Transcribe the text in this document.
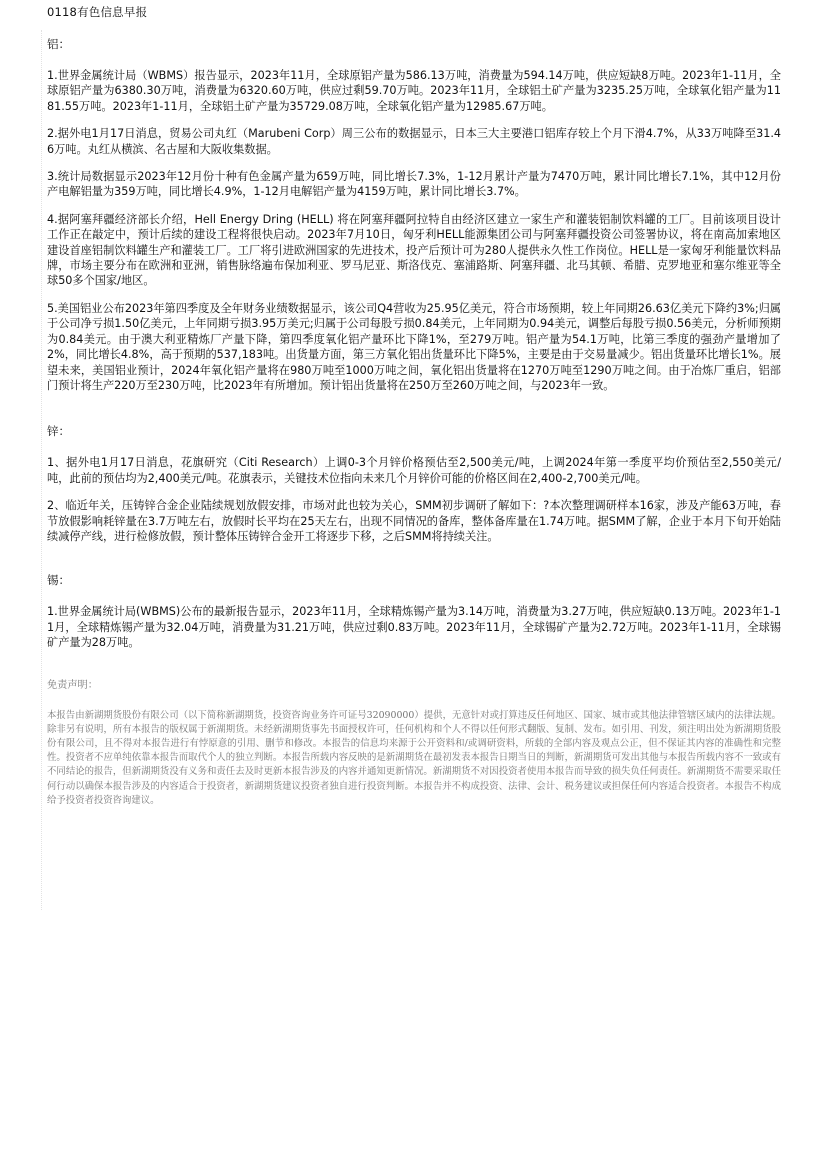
0118有色信息早报

铝：

1.世界金属统计局（WBMS）报告显示，2023年11月，全球原铝产量为586.13万吨，消费量为594.14万吨，供应短缺8万吨。2023年1-11月，全球原铝产量为6380.30万吨，消费量为6320.60万吨，供应过剩59.70万吨。2023年11月，全球铝土矿产量为3235.25万吨，全球氧化铝产量为1181.55万吨。2023年1-11月，全球铝土矿产量为35729.08万吨，全球氧化铝产量为12985.67万吨。

2.据外电1月17日消息，贸易公司丸红（Marubeni Corp）周三公布的数据显示，日本三大主要港口铝库存较上个月下滑4.7%，从33万吨降至31.46万吨。丸红从横滨、名古屋和大阪收集数据。

3.统计局数据显示2023年12月份十种有色金属产量为659万吨，同比增长7.3%，1-12月累计产量为7470万吨，累计同比增长7.1%，其中12月份产电解铝量为359万吨，同比增长4.9%，1-12月电解铝产量为4159万吨，累计同比增长3.7%。

4.据阿塞拜疆经济部长介绍，Hell Energy Dring (HELL) 将在阿塞拜疆阿拉特自由经济区建立一家生产和灌装铝制饮料罐的工厂。目前该项目设计工作正在敲定中，预计后续的建设工程将很快启动。2023年7月10日，匈牙利HELL能源集团公司与阿塞拜疆投资公司签署协议，将在南高加索地区建设首座铝制饮料罐生产和灌装工厂。工厂将引进欧洲国家的先进技术，投产后预计可为280人提供永久性工作岗位。HELL是一家匈牙利能量饮料品牌，市场主要分布在欧洲和亚洲，销售脉络遍布保加利亚、罗马尼亚、斯洛伐克、塞浦路斯、阿塞拜疆、北马其顿、希腊、克罗地亚和塞尔维亚等全球50多个国家/地区。

5.美国铝业公布2023年第四季度及全年财务业绩数据显示，该公司Q4营收为25.95亿美元，符合市场预期，较上年同期26.63亿美元下降约3%;归属于公司净亏损1.50亿美元，上年同期亏损3.95万美元;归属于公司每股亏损0.84美元，上年同期为0.94美元，调整后每股亏损0.56美元，分析师预期为0.84美元。由于澳大利亚精炼厂产量下降，第四季度氧化铝产量环比下降1%，至279万吨。铝产量为54.1万吨，比第三季度的强劲产量增加了2%，同比增长4.8%，高于预期的537,183吨。出货量方面，第三方氧化铝出货量环比下降5%，主要是由于交易量减少。铝出货量环比增长1%。展望未来，美国铝业预计，2024年氧化铝产量将在980万吨至1000万吨之间，氧化铝出货量将在1270万吨至1290万吨之间。由于冶炼厂重启，铝部门预计将生产220万至230万吨，比2023年有所增加。预计铝出货量将在250万至260万吨之间，与2023年一致。

锌：

1、据外电1月17日消息，花旗研究（Citi Research）上调0-3个月锌价格预估至2,500美元/吨，上调2024年第一季度平均价预估至2,550美元/吨，此前的预估均为2,400美元/吨。花旗表示，关键技术位指向未来几个月锌价可能的价格区间在2,400-2,700美元/吨。

2、临近年关，压铸锌合金企业陆续规划放假安排，市场对此也较为关心，SMM初步调研了解如下：?本次整理调研样本16家，涉及产能63万吨，春节放假影响耗锌量在3.7万吨左右，放假时长平均在25天左右，出现不同情况的备库，整体备库量在1.74万吨。据SMM了解，企业于本月下旬开始陆续减停产线，进行检修放假，预计整体压铸锌合金开工将逐步下移，之后SMM将持续关注。

锡：

1.世界金属统计局(WBMS)公布的最新报告显示，2023年11月，全球精炼锡产量为3.14万吨，消费量为3.27万吨，供应短缺0.13万吨。2023年1-11月，全球精炼锡产量为32.04万吨，消费量为31.21万吨，供应过剩0.83万吨。2023年11月，全球锡矿产量为2.72万吨。2023年1-11月，全球锡矿产量为28万吨。

免责声明：

本报告由新湖期货股份有限公司（以下简称新湖期货，投资咨询业务许可证号32090000）提供，无意针对或打算违反任何地区、国家、城市或其他法律管辖区域内的法律法规。除非另有说明，所有本报告的版权属于新湖期货。未经新湖期货事先书面授权许可，任何机构和个人不得以任何形式翻版、复制、发布。如引用、刊发，须注明出处为新湖期货股份有限公司，且不得对本报告进行有悖原意的引用、删节和修改。本报告的信息均来源于公开资料和/或调研资料，所载的全部内容及观点公正，但不保证其内容的准确性和完整性。投资者不应单纯依靠本报告而取代个人的独立判断。本报告所载内容反映的是新湖期货在最初发表本报告日期当日的判断，新湖期货可发出其他与本报告所载内容不一致或有不同结论的报告，但新湖期货没有义务和责任去及时更新本报告涉及的内容并通知更新情况。新湖期货不对因投资者使用本报告而导致的损失负任何责任。新湖期货不需要采取任何行动以确保本报告涉及的内容适合于投资者，新湖期货建议投资者独自进行投资判断。本报告并不构成投资、法律、会计、税务建议或担保任何内容适合投资者。本报告不构成给予投资者投资咨询建议。
